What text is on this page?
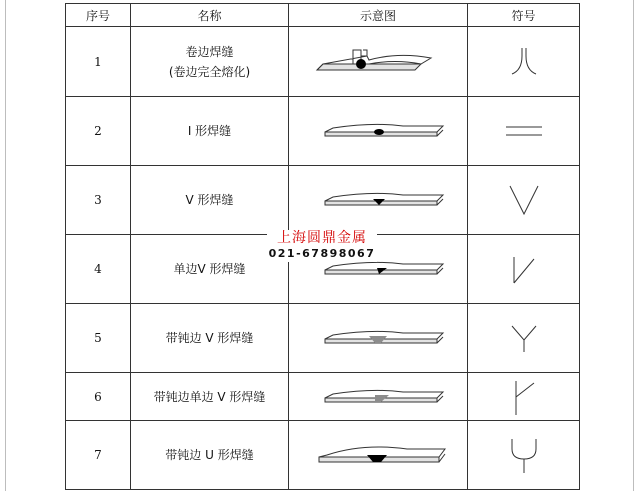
序号	名称	示意图	符号
1	卷边焊缝
(卷边完全熔化)

2	I 形焊缝

3	V 形焊缝

4	单边V 形焊缝

5	带钝边 V 形焊缝

6	带钝边单边 V 形焊缝

7	带钝边 U 形焊缝

上海圆鼎金属
021-67898067
